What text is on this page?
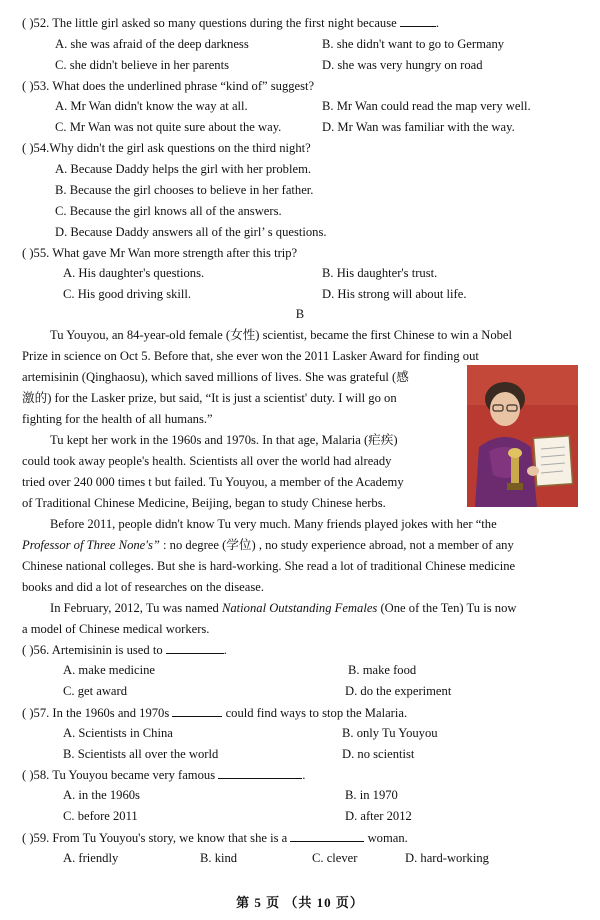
( )52. The little girl asked so many questions during the first night because	.
A. she was afraid of the deep darkness	B. she didn't want to go to Germany
C. she didn't believe in her parents	D. she was very hungry on road
( )53. What does the underlined phrase “kind of” suggest?
A. Mr Wan didn't know the way at all.	B. Mr Wan could read the map very well.
C. Mr Wan was not quite sure about the way.	D. Mr Wan was familiar with the way.
( )54.Why didn't the girl ask questions on the third night?
A. Because Daddy helps the girl with her problem.
B. Because the girl chooses to believe in her father.
C. Because the girl knows all of the answers.
D. Because Daddy answers all of the girl’ s questions.
( )55. What gave Mr Wan more strength after this trip?
A. His daughter's questions.	B. His daughter's trust.
C. His good driving skill.	D. His strong will about life.
B
Tu Youyou, an 84-year-old female (女性) scientist, became the first Chinese to win a Nobel
Prize in science on Oct 5. Before that, she ever won the 2011 Lasker Award for finding out
artemisinin (Qinghaosu), which saved millions of lives. She was grateful (感
激的) for the Lasker prize, but said, “It is just a scientist' duty. I will go on
fighting for the health of all humans.”
Tu kept her work in the 1960s and 1970s. In that age, Malaria (疟疾)
could took away people's health. Scientists all over the world had already
tried over 240 000 times t but failed. Tu Youyou, a member of the Academy
of Traditional Chinese Medicine, Beijing, began to study Chinese herbs.
Before 2011, people didn't know Tu very much. Many friends played jokes with her “the
Professor of Three None's” : no degree (学位) , no study experience abroad, not a member of any
Chinese national colleges. But she is hard-working. She read a lot of traditional Chinese medicine
books and did a lot of researches on the disease.
In February, 2012, Tu was named National Outstanding Females (One of the Ten) Tu is now
a model of Chinese medical workers.
( )56. Artemisinin is used to	.
A. make medicine	B. make food
C. get award	D. do the experiment
( )57. In the 1960s and 1970s	could find ways to stop the Malaria.
A. Scientists in China	B. only Tu Youyou
B. Scientists all over the world	D. no scientist
( )58. Tu Youyou became very famous	.
A. in the 1960s	B. in 1970
C. before 2011	D. after 2012
( )59. From Tu Youyou's story, we know that she is a	woman.
A. friendly	B. kind	C. clever	D. hard-working
第 5 页 （共 10 页）
